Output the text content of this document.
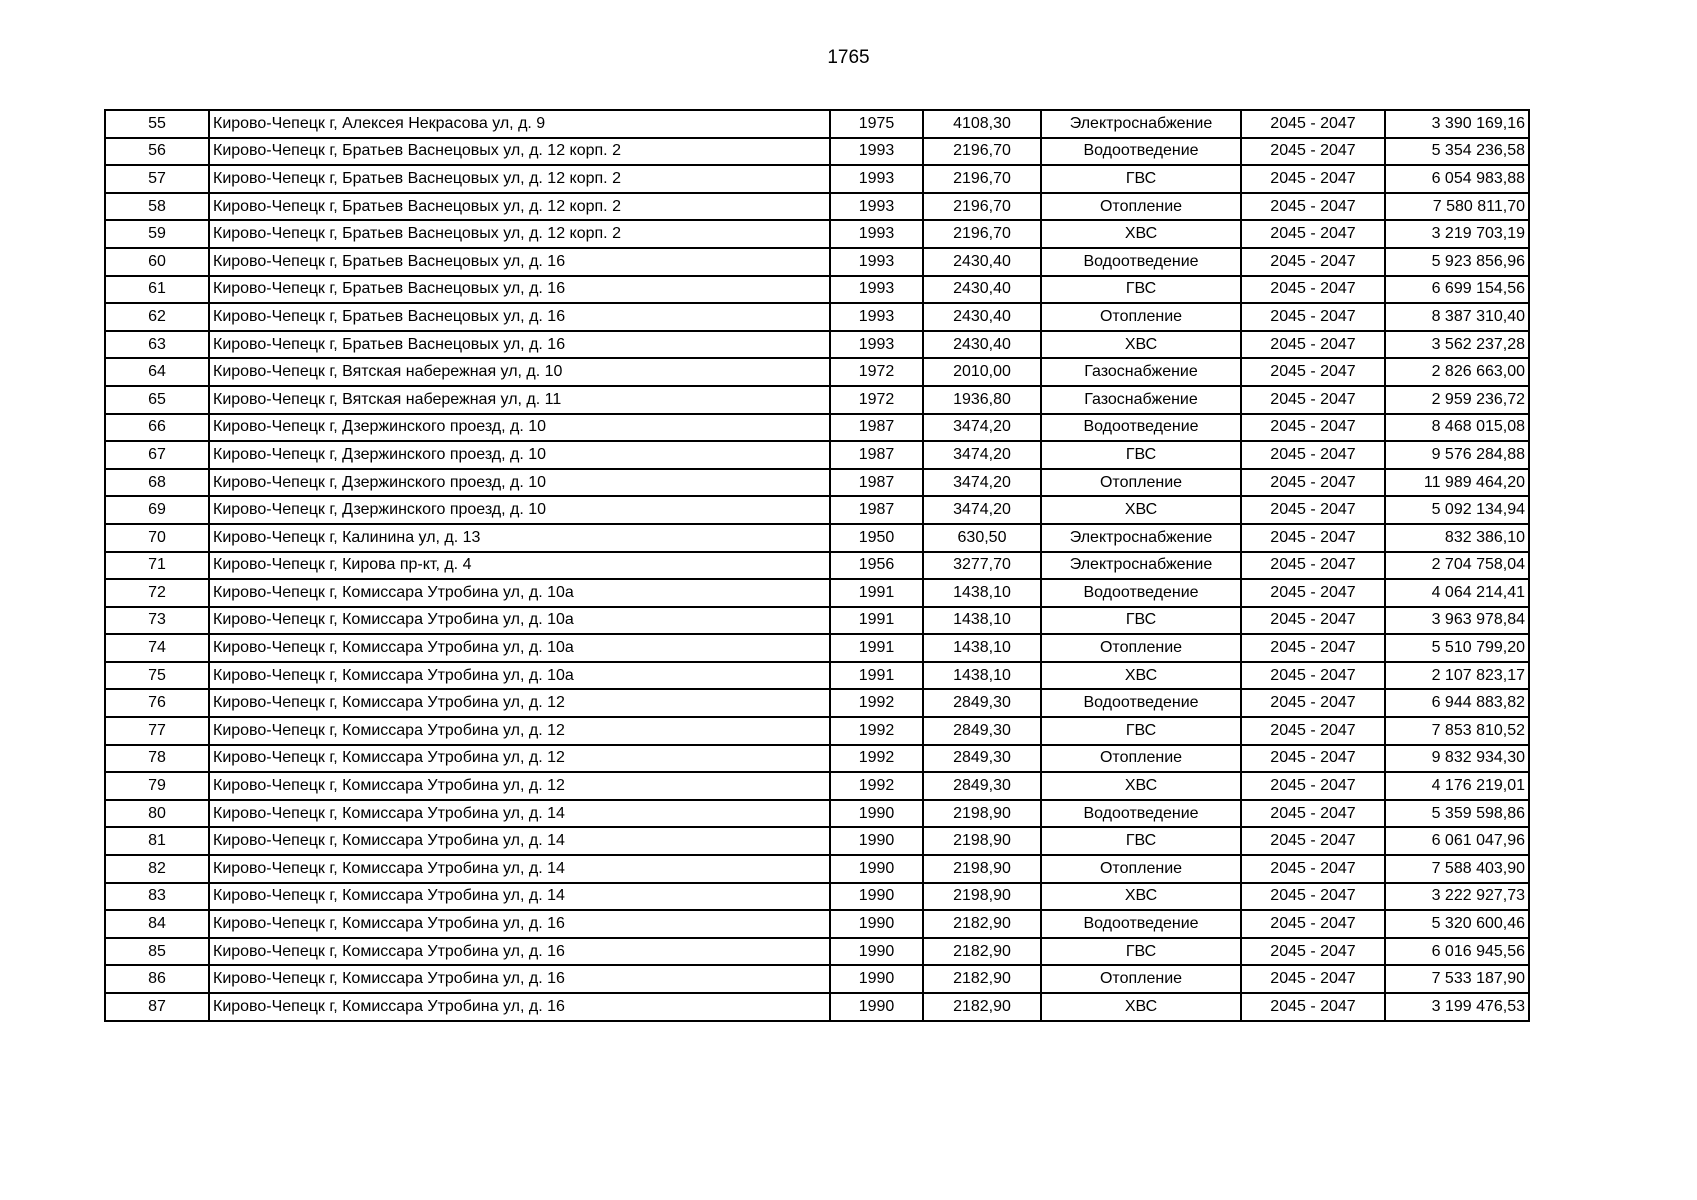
1765
55	Кирово-Чепецк г, Алексея Некрасова ул, д. 9	1975	4108,30	Электроснабжение	2045 - 2047	3 390 169,16
56	Кирово-Чепецк г, Братьев Васнецовых ул, д. 12 корп. 2	1993	2196,70	Водоотведение	2045 - 2047	5 354 236,58
57	Кирово-Чепецк г, Братьев Васнецовых ул, д. 12 корп. 2	1993	2196,70	ГВС	2045 - 2047	6 054 983,88
58	Кирово-Чепецк г, Братьев Васнецовых ул, д. 12 корп. 2	1993	2196,70	Отопление	2045 - 2047	7 580 811,70
59	Кирово-Чепецк г, Братьев Васнецовых ул, д. 12 корп. 2	1993	2196,70	ХВС	2045 - 2047	3 219 703,19
60	Кирово-Чепецк г, Братьев Васнецовых ул, д. 16	1993	2430,40	Водоотведение	2045 - 2047	5 923 856,96
61	Кирово-Чепецк г, Братьев Васнецовых ул, д. 16	1993	2430,40	ГВС	2045 - 2047	6 699 154,56
62	Кирово-Чепецк г, Братьев Васнецовых ул, д. 16	1993	2430,40	Отопление	2045 - 2047	8 387 310,40
63	Кирово-Чепецк г, Братьев Васнецовых ул, д. 16	1993	2430,40	ХВС	2045 - 2047	3 562 237,28
64	Кирово-Чепецк г, Вятская набережная ул, д. 10	1972	2010,00	Газоснабжение	2045 - 2047	2 826 663,00
65	Кирово-Чепецк г, Вятская набережная ул, д. 11	1972	1936,80	Газоснабжение	2045 - 2047	2 959 236,72
66	Кирово-Чепецк г, Дзержинского проезд, д. 10	1987	3474,20	Водоотведение	2045 - 2047	8 468 015,08
67	Кирово-Чепецк г, Дзержинского проезд, д. 10	1987	3474,20	ГВС	2045 - 2047	9 576 284,88
68	Кирово-Чепецк г, Дзержинского проезд, д. 10	1987	3474,20	Отопление	2045 - 2047	11 989 464,20
69	Кирово-Чепецк г, Дзержинского проезд, д. 10	1987	3474,20	ХВС	2045 - 2047	5 092 134,94
70	Кирово-Чепецк г, Калинина ул, д. 13	1950	630,50	Электроснабжение	2045 - 2047	832 386,10
71	Кирово-Чепецк г, Кирова пр-кт, д. 4	1956	3277,70	Электроснабжение	2045 - 2047	2 704 758,04
72	Кирово-Чепецк г, Комиссара Утробина ул, д. 10а	1991	1438,10	Водоотведение	2045 - 2047	4 064 214,41
73	Кирово-Чепецк г, Комиссара Утробина ул, д. 10а	1991	1438,10	ГВС	2045 - 2047	3 963 978,84
74	Кирово-Чепецк г, Комиссара Утробина ул, д. 10а	1991	1438,10	Отопление	2045 - 2047	5 510 799,20
75	Кирово-Чепецк г, Комиссара Утробина ул, д. 10а	1991	1438,10	ХВС	2045 - 2047	2 107 823,17
76	Кирово-Чепецк г, Комиссара Утробина ул, д. 12	1992	2849,30	Водоотведение	2045 - 2047	6 944 883,82
77	Кирово-Чепецк г, Комиссара Утробина ул, д. 12	1992	2849,30	ГВС	2045 - 2047	7 853 810,52
78	Кирово-Чепецк г, Комиссара Утробина ул, д. 12	1992	2849,30	Отопление	2045 - 2047	9 832 934,30
79	Кирово-Чепецк г, Комиссара Утробина ул, д. 12	1992	2849,30	ХВС	2045 - 2047	4 176 219,01
80	Кирово-Чепецк г, Комиссара Утробина ул, д. 14	1990	2198,90	Водоотведение	2045 - 2047	5 359 598,86
81	Кирово-Чепецк г, Комиссара Утробина ул, д. 14	1990	2198,90	ГВС	2045 - 2047	6 061 047,96
82	Кирово-Чепецк г, Комиссара Утробина ул, д. 14	1990	2198,90	Отопление	2045 - 2047	7 588 403,90
83	Кирово-Чепецк г, Комиссара Утробина ул, д. 14	1990	2198,90	ХВС	2045 - 2047	3 222 927,73
84	Кирово-Чепецк г, Комиссара Утробина ул, д. 16	1990	2182,90	Водоотведение	2045 - 2047	5 320 600,46
85	Кирово-Чепецк г, Комиссара Утробина ул, д. 16	1990	2182,90	ГВС	2045 - 2047	6 016 945,56
86	Кирово-Чепецк г, Комиссара Утробина ул, д. 16	1990	2182,90	Отопление	2045 - 2047	7 533 187,90
87	Кирово-Чепецк г, Комиссара Утробина ул, д. 16	1990	2182,90	ХВС	2045 - 2047	3 199 476,53
